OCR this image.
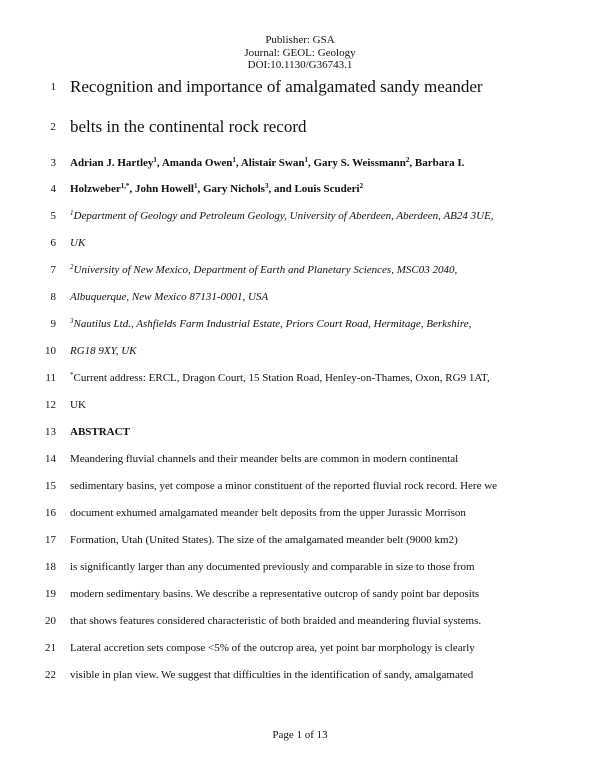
Publisher: GSA
Journal: GEOL: Geology
DOI:10.1130/G36743.1
1 Recognition and importance of amalgamated sandy meander
2 belts in the continental rock record
3 Adrian J. Hartley$^1$, Amanda Owen$^1$, Alistair Swan$^1$, Gary S. Weissmann$^2$, Barbara I.
4 Holzweber$^{1,*}$, John Howell$^1$, Gary Nichols$^3$, and Louis Scuderi$^2$
5 $^1$Department of Geology and Petroleum Geology, University of Aberdeen, Aberdeen, AB24 3UE,
6 UK
7 $^2$University of New Mexico, Department of Earth and Planetary Sciences, MSC03 2040,
8 Albuquerque, New Mexico 87131-0001, USA
9 $^3$Nautilus Ltd., Ashfields Farm Industrial Estate, Priors Court Road, Hermitage, Berkshire,
10 RG18 9XY, UK
11 *Current address: ERCL, Dragon Court, 15 Station Road, Henley-on-Thames, Oxon, RG9 1AT,
12 UK
13 ABSTRACT
14 Meandering fluvial channels and their meander belts are common in modern continental
15 sedimentary basins, yet compose a minor constituent of the reported fluvial rock record. Here we
16 document exhumed amalgamated meander belt deposits from the upper Jurassic Morrison
17 Formation, Utah (United States). The size of the amalgamated meander belt (9000 km2)
18 is significantly larger than any documented previously and comparable in size to those from
19 modern sedimentary basins. We describe a representative outcrop of sandy point bar deposits
20 that shows features considered characteristic of both braided and meandering fluvial systems.
21 Lateral accretion sets compose <5% of the outcrop area, yet point bar morphology is clearly
22 visible in plan view. We suggest that difficulties in the identification of sandy, amalgamated
Page 1 of 13
